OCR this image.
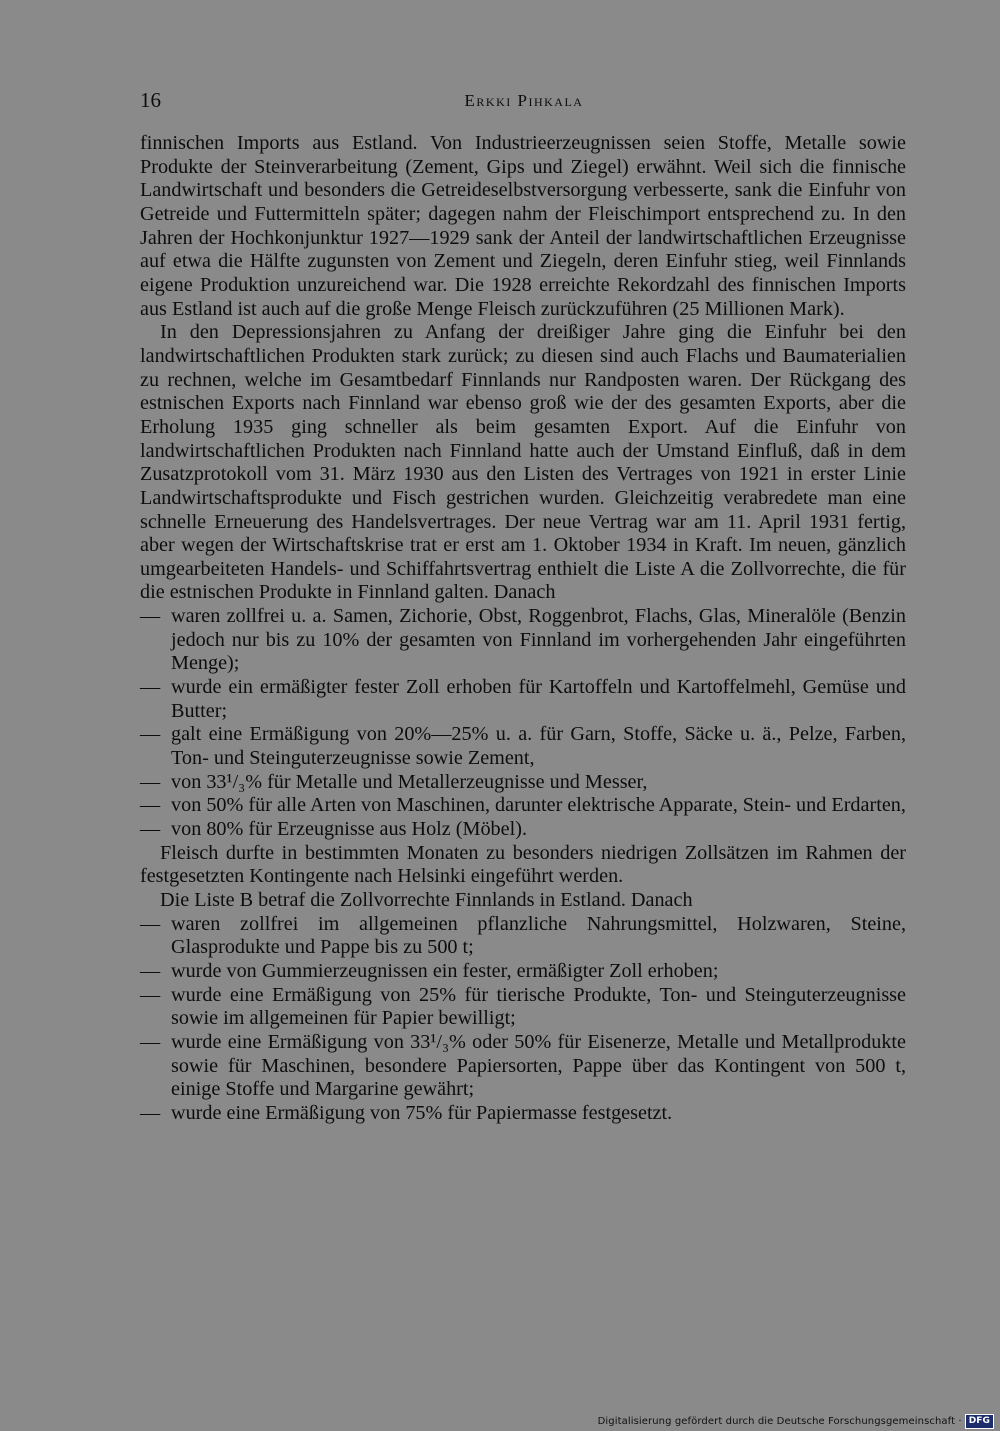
16	Erkki Pihkala

finnischen Imports aus Estland. Von Industrieerzeugnissen seien Stoffe, Metalle sowie Produkte der Steinverarbeitung (Zement, Gips und Ziegel) erwähnt. Weil sich die finnische Landwirtschaft und besonders die Getreideselbstversorgung verbesserte, sank die Einfuhr von Getreide und Futtermitteln später; dagegen nahm der Fleischimport entsprechend zu. In den Jahren der Hochkonjunktur 1927—1929 sank der Anteil der landwirtschaftlichen Erzeugnisse auf etwa die Hälfte zugunsten von Zement und Ziegeln, deren Einfuhr stieg, weil Finnlands eigene Produktion unzureichend war. Die 1928 erreichte Rekordzahl des finnischen Imports aus Estland ist auch auf die große Menge Fleisch zurückzuführen (25 Millionen Mark).

In den Depressionsjahren zu Anfang der dreißiger Jahre ging die Einfuhr bei den landwirtschaftlichen Produkten stark zurück; zu diesen sind auch Flachs und Baumaterialien zu rechnen, welche im Gesamtbedarf Finnlands nur Randposten waren. Der Rückgang des estnischen Exports nach Finnland war ebenso groß wie der des gesamten Exports, aber die Erholung 1935 ging schneller als beim gesamten Export. Auf die Einfuhr von landwirtschaftlichen Produkten nach Finnland hatte auch der Umstand Einfluß, daß in dem Zusatzprotokoll vom 31. März 1930 aus den Listen des Vertrages von 1921 in erster Linie Landwirtschaftsprodukte und Fisch gestrichen wurden. Gleichzeitig verabredete man eine schnelle Erneuerung des Handelsvertrages. Der neue Vertrag war am 11. April 1931 fertig, aber wegen der Wirtschaftskrise trat er erst am 1. Oktober 1934 in Kraft. Im neuen, gänzlich umgearbeiteten Handels- und Schiffahrtsvertrag enthielt die Liste A die Zollvorrechte, die für die estnischen Produkte in Finnland galten. Danach

— waren zollfrei u. a. Samen, Zichorie, Obst, Roggenbrot, Flachs, Glas, Mineralöle (Benzin jedoch nur bis zu 10% der gesamten von Finnland im vorhergehenden Jahr eingeführten Menge);
— wurde ein ermäßigter fester Zoll erhoben für Kartoffeln und Kartoffelmehl, Gemüse und Butter;
— galt eine Ermäßigung von 20%—25% u. a. für Garn, Stoffe, Säcke u. ä., Pelze, Farben, Ton- und Steinguterzeugnisse sowie Zement,
— von 33¹/₃% für Metalle und Metallerzeugnisse und Messer,
— von 50% für alle Arten von Maschinen, darunter elektrische Apparate, Stein- und Erdarten,
— von 80% für Erzeugnisse aus Holz (Möbel).

Fleisch durfte in bestimmten Monaten zu besonders niedrigen Zollsätzen im Rahmen der festgesetzten Kontingente nach Helsinki eingeführt werden.

Die Liste B betraf die Zollvorrechte Finnlands in Estland. Danach

— waren zollfrei im allgemeinen pflanzliche Nahrungsmittel, Holzwaren, Steine, Glasprodukte und Pappe bis zu 500 t;
— wurde von Gummierzeugnissen ein fester, ermäßigter Zoll erhoben;
— wurde eine Ermäßigung von 25% für tierische Produkte, Ton- und Steinguterzeugnisse sowie im allgemeinen für Papier bewilligt;
— wurde eine Ermäßigung von 33¹/₃% oder 50% für Eisenerze, Metalle und Metallprodukte sowie für Maschinen, besondere Papiersorten, Pappe über das Kontingent von 500 t, einige Stoffe und Margarine gewährt;
— wurde eine Ermäßigung von 75% für Papiermasse festgesetzt.
Digitalisierung gefördert durch die Deutsche Forschungsgemeinschaft · DFG
